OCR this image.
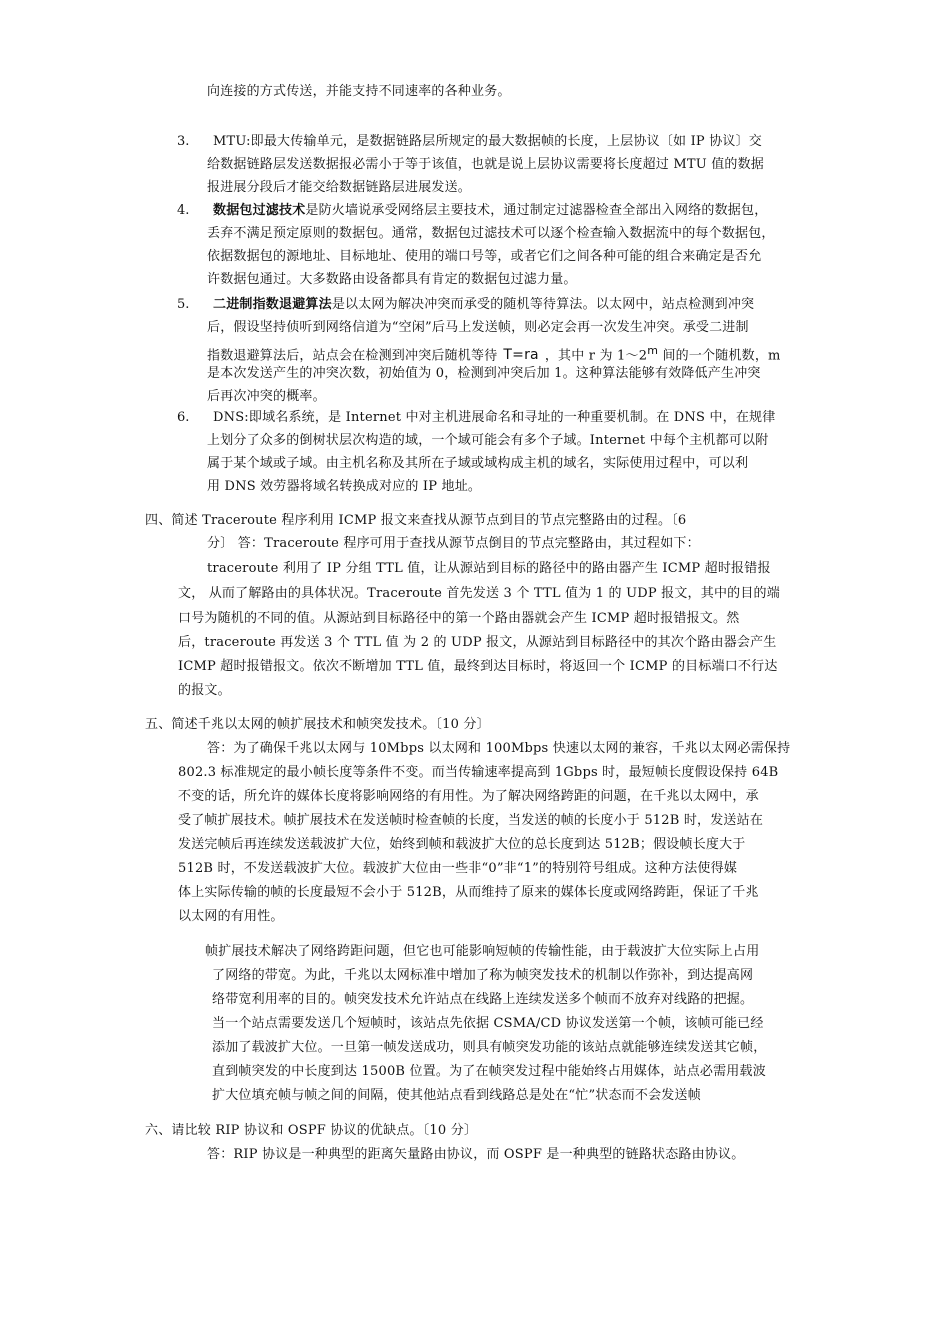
向连接的方式传送，并能支持不同速率的各种业务。
3. MTU:即最大传输单元，是数据链路层所规定的最大数据帧的长度，上层协议〔如 IP 协议〕交
给数据链路层发送数据报必需小于等于该值，也就是说上层协议需要将长度超过 MTU 值的数据
报进展分段后才能交给数据链路层进展发送。
4. 数据包过滤技术是防火墙说承受网络层主要技术，通过制定过滤器检查全部出入网络的数据包，
丢弃不满足预定原则的数据包。通常，数据包过滤技术可以逐个检查输入数据流中的每个数据包，
依据数据包的源地址、目标地址、使用的端口号等，或者它们之间各种可能的组合来确定是否允
许数据包通过。大多数路由设备都具有肯定的数据包过滤力量。
5. 二进制指数退避算法是以太网为解决冲突而承受的随机等待算法。以太网中，站点检测到冲突
后，假设坚持侦听到网络信道为“空闲”后马上发送帧，则必定会再一次发生冲突。承受二进制
指数退避算法后，站点会在检测到冲突后随机等待 T=ra ，其中 r 为 1～2$^m$ 间的一个随机数，m
是本次发送产生的冲突次数，初始值为 0，检测到冲突后加 1。这种算法能够有效降低产生冲突
后再次冲突的概率。
6. DNS:即域名系统，是 Internet 中对主机进展命名和寻址的一种重要机制。在 DNS 中，在规律
上划分了众多的倒树状层次构造的域，一个域可能会有多个子域。Internet 中每个主机都可以附
属于某个域或子域。由主机名称及其所在子域或域构成主机的域名，实际使用过程中，可以利
用 DNS 效劳器将域名转换成对应的 IP 地址。
四、简述 Traceroute 程序利用 ICMP 报文来查找从源节点到目的节点完整路由的过程。〔6
分〕 答：Traceroute 程序可用于查找从源节点倒目的节点完整路由，其过程如下：
traceroute 利用了 IP 分组 TTL 值，让从源站到目标的路径中的路由器产生 ICMP 超时报错报
文， 从而了解路由的具体状况。Traceroute 首先发送 3 个 TTL 值为 1 的 UDP 报文，其中的目的端
口号为随机的不同的值。从源站到目标路径中的第一个路由器就会产生 ICMP 超时报错报文。然
后，traceroute 再发送 3 个 TTL 值 为 2 的 UDP 报文，从源站到目标路径中的其次个路由器会产生
ICMP 超时报错报文。依次不断增加 TTL 值，最终到达目标时，将返回一个 ICMP 的目标端口不行达
的报文。
五、简述千兆以太网的帧扩展技术和帧突发技术。〔10 分〕
答：为了确保千兆以太网与 10Mbps 以太网和 100Mbps 快速以太网的兼容，千兆以太网必需保持
802.3 标准规定的最小帧长度等条件不变。而当传输速率提高到 1Gbps 时，最短帧长度假设保持 64B
不变的话，所允许的媒体长度将影响网络的有用性。为了解决网络跨距的问题，在千兆以太网中，承
受了帧扩展技术。帧扩展技术在发送帧时检查帧的长度，当发送的帧的长度小于 512B 时，发送站在
发送完帧后再连续发送载波扩大位，始终到帧和载波扩大位的总长度到达 512B；假设帧长度大于
512B 时，不发送载波扩大位。载波扩大位由一些非“0”非“1”的特别符号组成。这种方法使得媒
体上实际传输的帧的长度最短不会小于 512B，从而维持了原来的媒体长度或网络跨距，保证了千兆
以太网的有用性。
帧扩展技术解决了网络跨距问题，但它也可能影响短帧的传输性能，由于载波扩大位实际上占用
了网络的带宽。为此，千兆以太网标准中增加了称为帧突发技术的机制以作弥补，到达提高网
络带宽利用率的目的。帧突发技术允许站点在线路上连续发送多个帧而不放弃对线路的把握。
当一个站点需要发送几个短帧时，该站点先依据 CSMA/CD 协议发送第一个帧，该帧可能已经
添加了载波扩大位。一旦第一帧发送成功，则具有帧突发功能的该站点就能够连续发送其它帧，
直到帧突发的中长度到达 1500B 位置。为了在帧突发过程中能始终占用媒体，站点必需用载波
扩大位填充帧与帧之间的间隔，使其他站点看到线路总是处在“忙”状态而不会发送帧
六、请比较 RIP 协议和 OSPF 协议的优缺点。〔10 分〕
答：RIP 协议是一种典型的距离矢量路由协议，而 OSPF 是一种典型的链路状态路由协议。
